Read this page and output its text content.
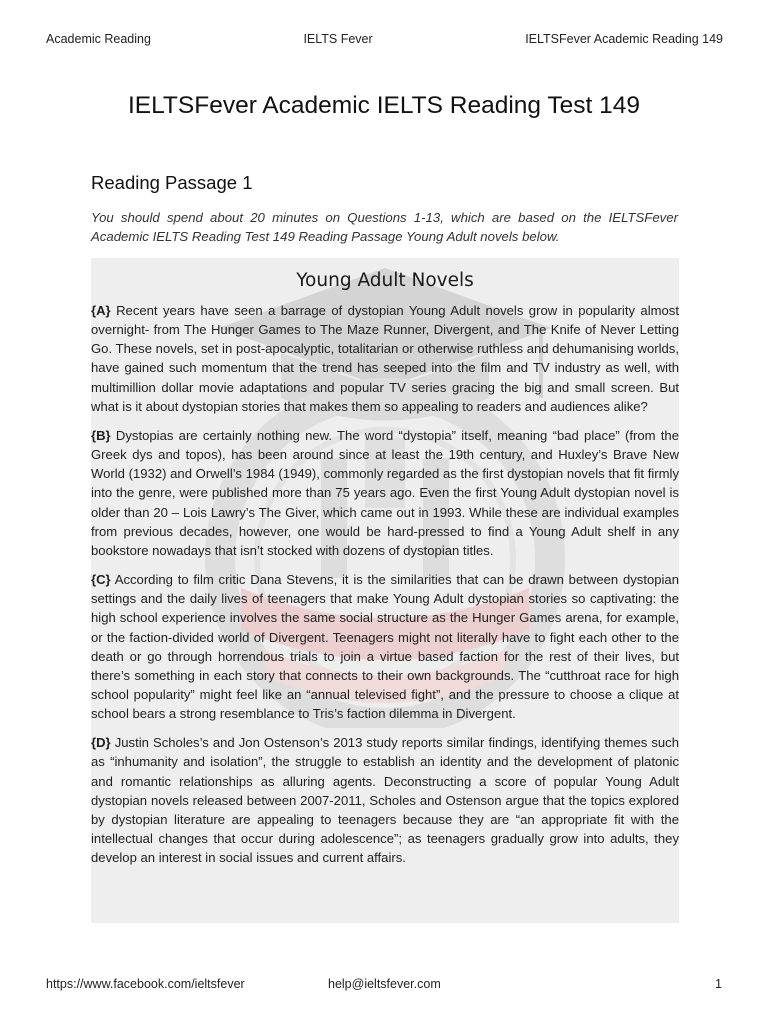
Academic Reading	IELTS Fever	IELTSFever Academic Reading 149
IELTSFever Academic IELTS Reading Test 149
Reading Passage 1

You should spend about 20 minutes on Questions 1-13, which are based on the IELTSFever Academic IELTS Reading Test 149 Reading Passage Young Adult novels below.

Young Adult Novels

{A} Recent years have seen a barrage of dystopian Young Adult novels grow in popularity almost overnight- from The Hunger Games to The Maze Runner, Divergent, and The Knife of Never Letting Go. These novels, set in post-apocalyptic, totalitarian or otherwise ruthless and dehumanising worlds, have gained such momentum that the trend has seeped into the film and TV industry as well, with multimillion dollar movie adaptations and popular TV series gracing the big and small screen. But what is it about dystopian stories that makes them so appealing to readers and audiences alike?

{B} Dystopias are certainly nothing new. The word “dystopia” itself, meaning “bad place” (from the Greek dys and topos), has been around since at least the 19th century, and Huxley’s Brave New World (1932) and Orwell’s 1984 (1949), commonly regarded as the first dystopian novels that fit firmly into the genre, were published more than 75 years ago. Even the first Young Adult dystopian novel is older than 20 – Lois Lawry’s The Giver, which came out in 1993. While these are individual examples from previous decades, however, one would be hard-pressed to find a Young Adult shelf in any bookstore nowadays that isn’t stocked with dozens of dystopian titles.

{C} According to film critic Dana Stevens, it is the similarities that can be drawn between dystopian settings and the daily lives of teenagers that make Young Adult dystopian stories so captivating: the high school experience involves the same social structure as the Hunger Games arena, for example, or the faction-divided world of Divergent. Teenagers might not literally have to fight each other to the death or go through horrendous trials to join a virtue based faction for the rest of their lives, but there’s something in each story that connects to their own backgrounds. The “cutthroat race for high school popularity” might feel like an “annual televised fight”, and the pressure to choose a clique at school bears a strong resemblance to Tris’s faction dilemma in Divergent.

{D} Justin Scholes’s and Jon Ostenson’s 2013 study reports similar findings, identifying themes such as “inhumanity and isolation”, the struggle to establish an identity and the development of platonic and romantic relationships as alluring agents. Deconstructing a score of popular Young Adult dystopian novels released between 2007-2011, Scholes and Ostenson argue that the topics explored by dystopian literature are appealing to teenagers because they are “an appropriate fit with the intellectual changes that occur during adolescence”; as teenagers gradually grow into adults, they develop an interest in social issues and current affairs.

https://www.facebook.com/ieltsfever	help@ieltsfever.com	1
